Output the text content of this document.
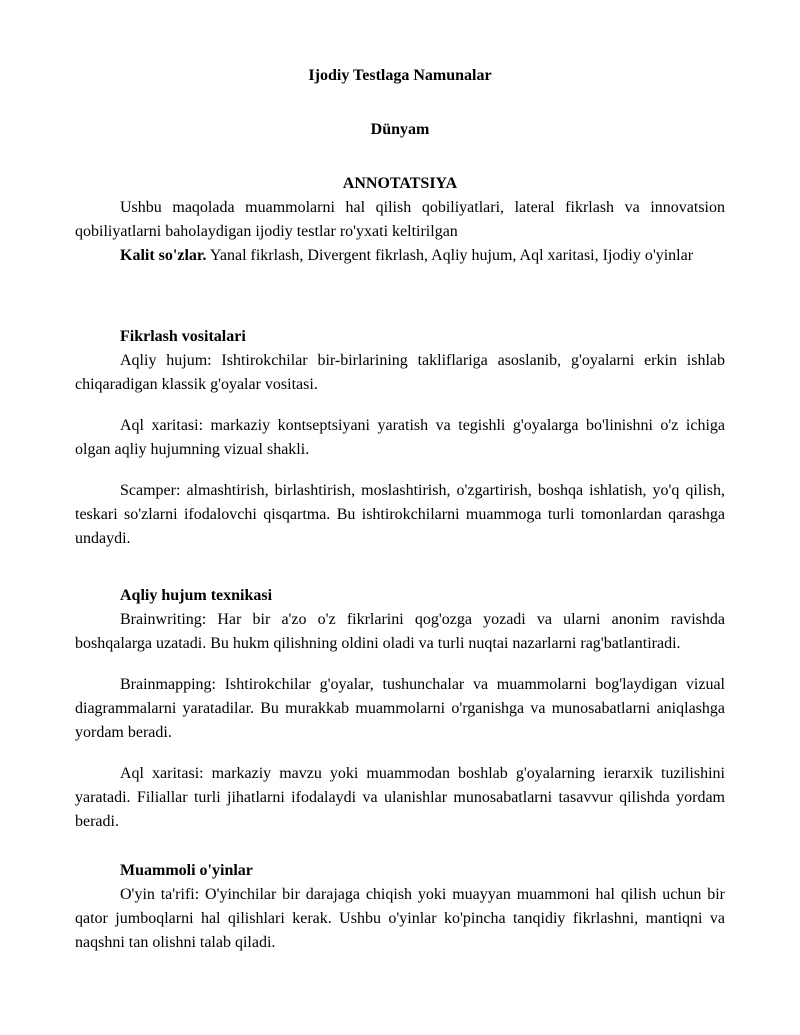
Ijodiy Testlaga Namunalar
Dünyam
ANNOTATSIYA

Ushbu maqolada muammolarni hal qilish qobiliyatlari, lateral fikrlash va innovatsion qobiliyatlarni baholaydigan ijodiy testlar ro'yxati keltirilgan

Kalit so'zlar. Yanal fikrlash, Divergent fikrlash, Aqliy hujum, Aql xaritasi, Ijodiy o'yinlar

Fikrlash vositalari

Aqliy hujum: Ishtirokchilar bir-birlarining takliflariga asoslanib, g'oyalarni erkin ishlab chiqaradigan klassik g'oyalar vositasi.

Aql xaritasi: markaziy kontseptsiyani yaratish va tegishli g'oyalarga bo'linishni o'z ichiga olgan aqliy hujumning vizual shakli.

Scamper: almashtirish, birlashtirish, moslashtirish, o'zgartirish, boshqa ishlatish, yo'q qilish, teskari so'zlarni ifodalovchi qisqartma. Bu ishtirokchilarni muammoga turli tomonlardan qarashga undaydi.

Aqliy hujum texnikasi

Brainwriting: Har bir a'zo o'z fikrlarini qog'ozga yozadi va ularni anonim ravishda boshqalarga uzatadi. Bu hukm qilishning oldini oladi va turli nuqtai nazarlarni rag'batlantiradi.

Brainmapping: Ishtirokchilar g'oyalar, tushunchalar va muammolarni bog'laydigan vizual diagrammalarni yaratadilar. Bu murakkab muammolarni o'rganishga va munosabatlarni aniqlashga yordam beradi.

Aql xaritasi: markaziy mavzu yoki muammodan boshlab g'oyalarning ierarxik tuzilishini yaratadi. Filiallar turli jihatlarni ifodalaydi va ulanishlar munosabatlarni tasavvur qilishda yordam beradi.

Muammoli o'yinlar

O'yin ta'rifi: O'yinchilar bir darajaga chiqish yoki muayyan muammoni hal qilish uchun bir qator jumboqlarni hal qilishlari kerak. Ushbu o'yinlar ko'pincha tanqidiy fikrlashni, mantiqni va naqshni tan olishni talab qiladi.
